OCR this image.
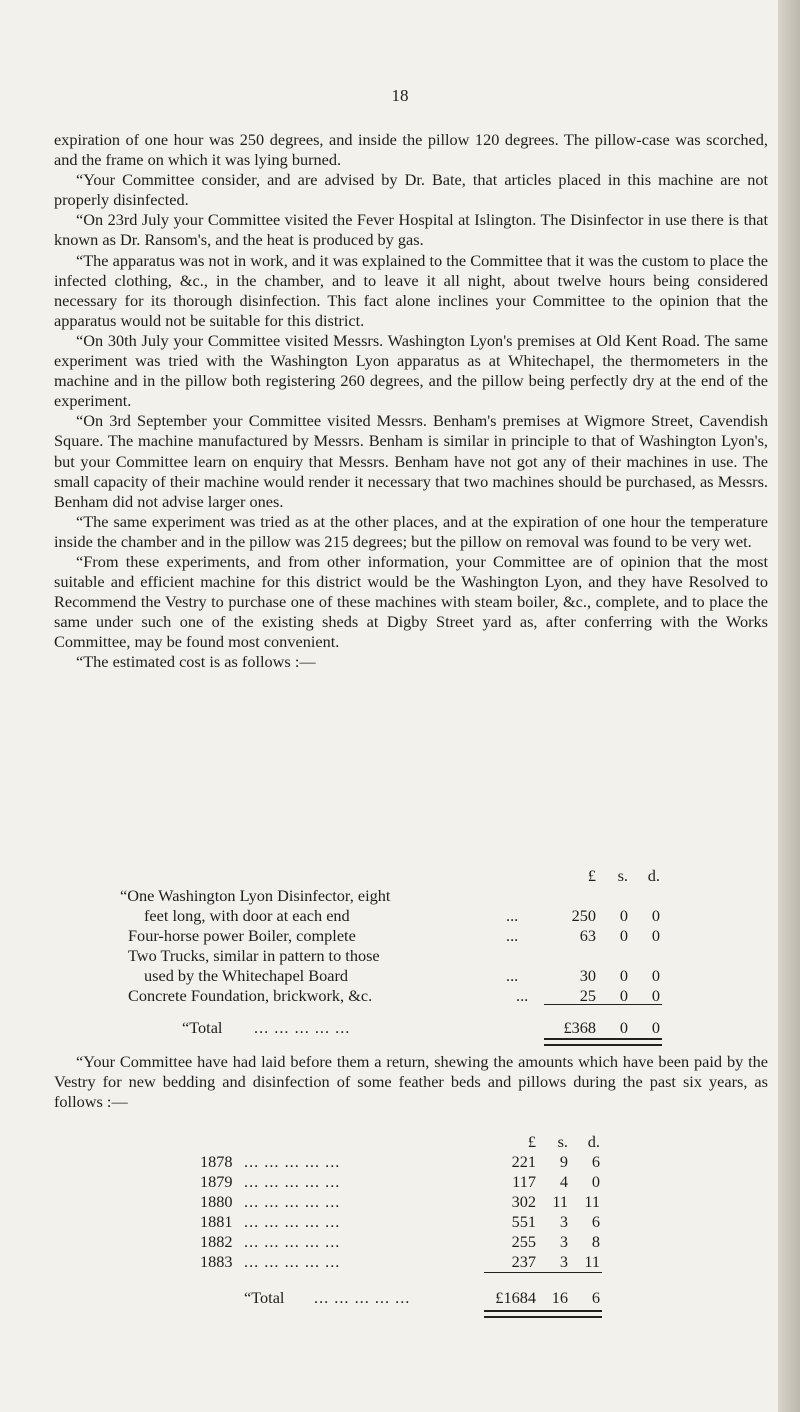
18

expiration of one hour was 250 degrees, and inside the pillow 120 degrees. The pillow-case was scorched, and the frame on which it was lying burned.

“Your Committee consider, and are advised by Dr. Bate, that articles placed in this machine are not properly disinfected.

“On 23rd July your Committee visited the Fever Hospital at Islington. The Disinfector in use there is that known as Dr. Ransom's, and the heat is produced by gas.

“The apparatus was not in work, and it was explained to the Committee that it was the custom to place the infected clothing, &c., in the chamber, and to leave it all night, about twelve hours being considered necessary for its thorough disinfection. This fact alone inclines your Committee to the opinion that the apparatus would not be suitable for this district.

“On 30th July your Committee visited Messrs. Washington Lyon's premises at Old Kent Road. The same experiment was tried with the Washington Lyon apparatus as at Whitechapel, the thermometers in the machine and in the pillow both registering 260 degrees, and the pillow being perfectly dry at the end of the experiment.

“On 3rd September your Committee visited Messrs. Benham's premises at Wigmore Street, Cavendish Square. The machine manufactured by Messrs. Benham is similar in principle to that of Washington Lyon's, but your Committee learn on enquiry that Messrs. Benham have not got any of their machines in use. The small capacity of their machine would render it necessary that two machines should be purchased, as Messrs. Benham did not advise larger ones.

“The same experiment was tried as at the other places, and at the expiration of one hour the temperature inside the chamber and in the pillow was 215 degrees; but the pillow on removal was found to be very wet.

“From these experiments, and from other information, your Committee are of opinion that the most suitable and efficient machine for this district would be the Washington Lyon, and they have Resolved to Recommend the Vestry to purchase one of these machines with steam boiler, &c., complete, and to place the same under such one of the existing sheds at Digby Street yard as, after conferring with the Works Committee, may be found most convenient.

“The estimated cost is as follows :—

£	s.	d.
“One Washington Lyon Disinfector, eight
feet long, with door at each end	...	250	0	0
Four-horse power Boiler, complete	...	63	0	0
Two Trucks, similar in pattern to those
used by the Whitechapel Board	...	30	0	0
Concrete Foundation, brickwork, &c.	...	25	0	0
“Total ... ... ... ... ...	£368	0	0

“Your Committee have had laid before them a return, shewing the amounts which have been paid by the Vestry for new bedding and disinfection of some feather beds and pillows during the past six years, as follows :—

£	s.	d.
1878 ... ... ... ... ...	221	9	6
1879 ... ... ... ... ...	117	4	0
1880 ... ... ... ... ...	302	11	11
1881 ... ... ... ... ...	551	3	6
1882 ... ... ... ... ...	255	3	8
1883 ... ... ... ... ...	237	3	11
“Total ... ... ... ... ...	£1684 16	6
